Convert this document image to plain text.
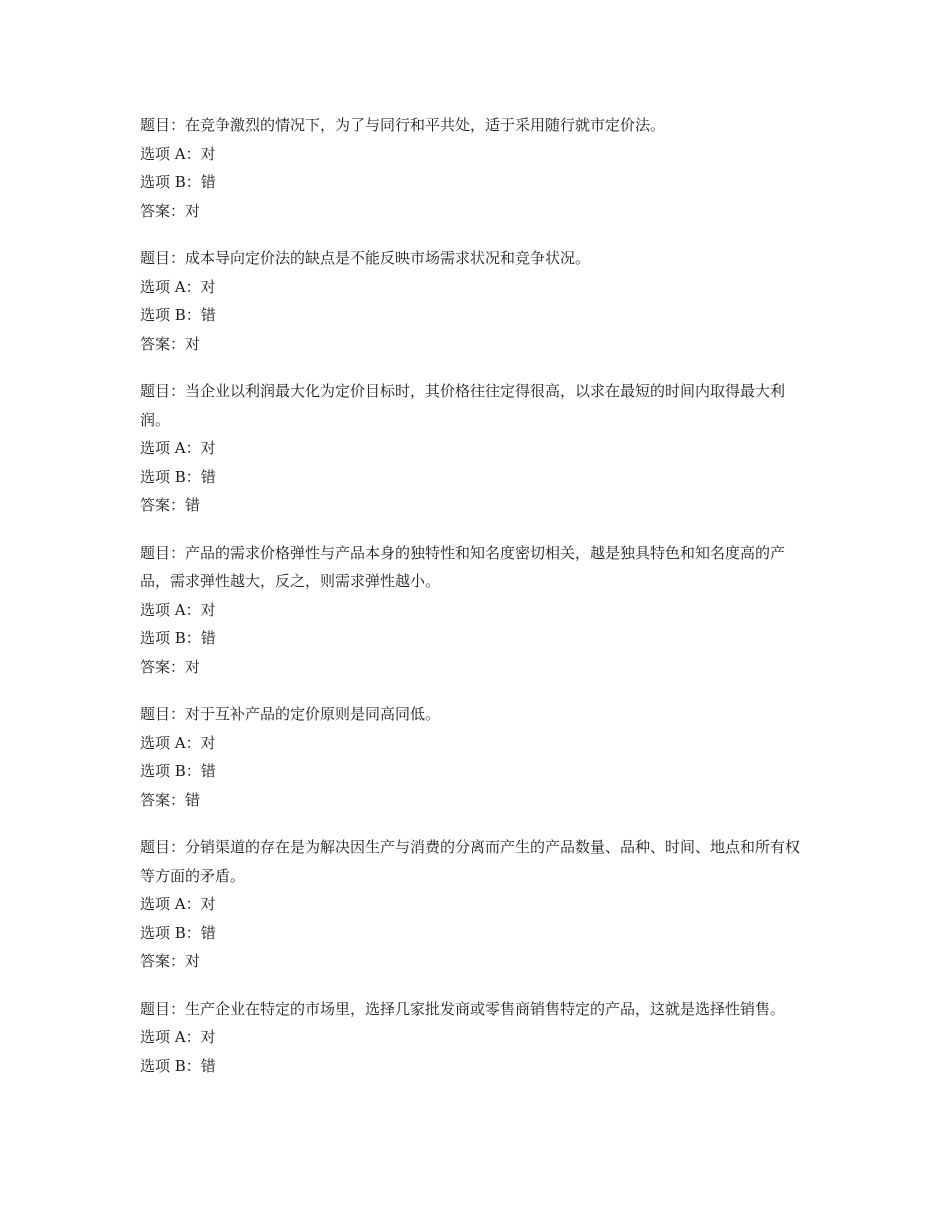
题目：在竞争激烈的情况下，为了与同行和平共处，适于采用随行就市定价法。

选项 A：对

选项 B：错

答案：对

题目：成本导向定价法的缺点是不能反映市场需求状况和竞争状况。

选项 A：对

选项 B：错

答案：对

题目：当企业以利润最大化为定价目标时，其价格往往定得很高，以求在最短的时间内取得最大利润。

选项 A：对

选项 B：错

答案：错

题目：产品的需求价格弹性与产品本身的独特性和知名度密切相关，越是独具特色和知名度高的产品，需求弹性越大，反之，则需求弹性越小。

选项 A：对

选项 B：错

答案：对

题目：对于互补产品的定价原则是同高同低。

选项 A：对

选项 B：错

答案：错

题目：分销渠道的存在是为解决因生产与消费的分离而产生的产品数量、品种、时间、地点和所有权等方面的矛盾。

选项 A：对

选项 B：错

答案：对

题目：生产企业在特定的市场里，选择几家批发商或零售商销售特定的产品，这就是选择性销售。

选项 A：对

选项 B：错
